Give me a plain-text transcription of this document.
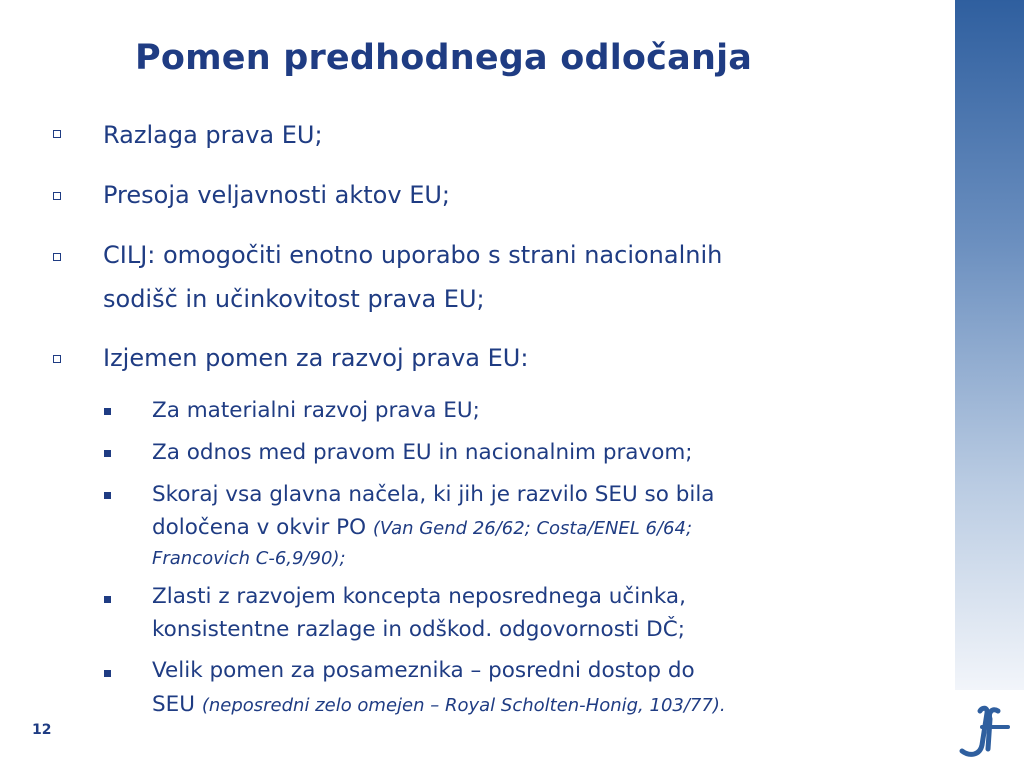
Pomen predhodnega odločanja
Razlaga prava EU;
Presoja veljavnosti aktov EU;
CILJ: omogočiti enotno uporabo s strani nacionalnih
sodišč in učinkovitost prava EU;
Izjemen pomen za razvoj prava EU:
Za materialni razvoj prava EU;
Za odnos med pravom EU in nacionalnim pravom;
Skoraj vsa glavna načela, ki jih je razvilo SEU so bila
določena v okvir PO (Van Gend 26/62; Costa/ENEL 6/64;
Francovich C-6,9/90);
Zlasti z razvojem koncepta neposrednega učinka,
konsistentne razlage in odškod. odgovornosti DČ;
Velik pomen za posameznika – posredni dostop do
SEU (neposredni zelo omejen – Royal Scholten-Honig, 103/77).
12
